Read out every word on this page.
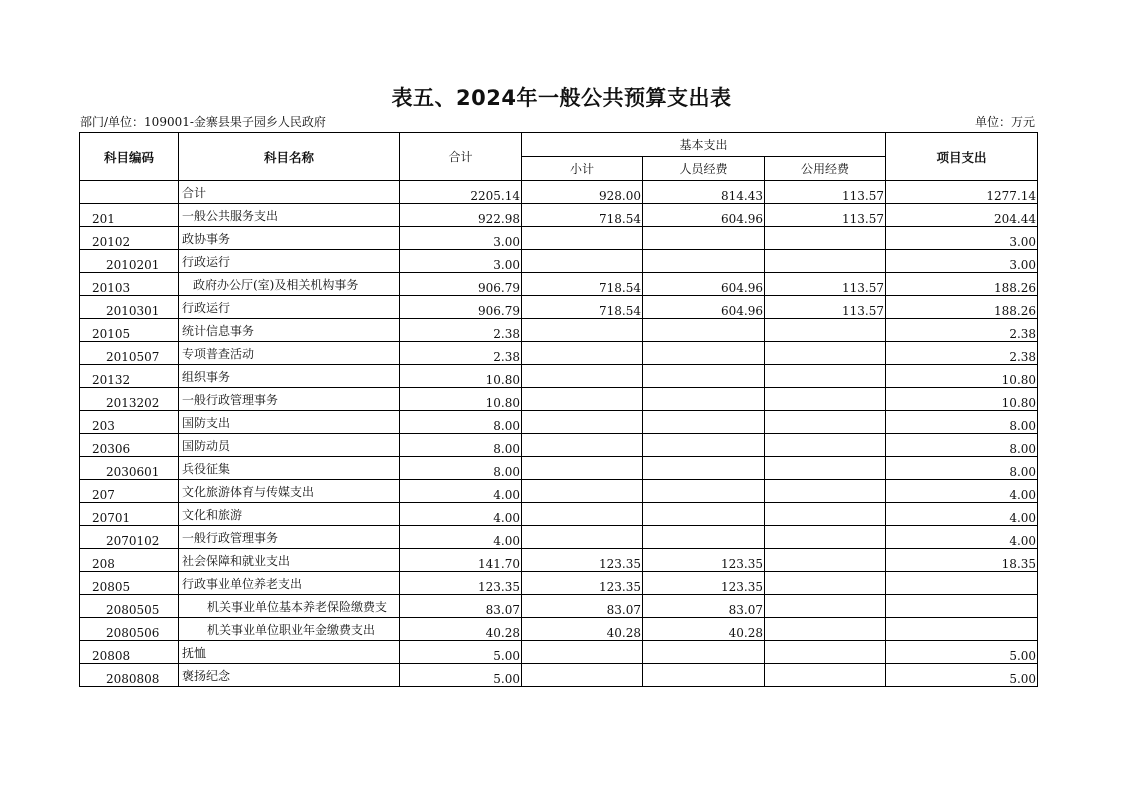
表五、2024年一般公共预算支出表
部门/单位：109001-金寨县果子园乡人民政府	单位：万元
科目编码	科目名称	合计	基本支出			项目支出
			小计	人员经费	公用经费	
	合计	2205.14	928.00	814.43	113.57	1277.14
201	一般公共服务支出	922.98	718.54	604.96	113.57	204.44
20102	政协事务	3.00				3.00
2010201	行政运行	3.00				3.00
20103	政府办公厅(室)及相关机构事务	906.79	718.54	604.96	113.57	188.26
2010301	行政运行	906.79	718.54	604.96	113.57	188.26
20105	统计信息事务	2.38				2.38
2010507	专项普查活动	2.38				2.38
20132	组织事务	10.80				10.80
2013202	一般行政管理事务	10.80				10.80
203	国防支出	8.00				8.00
20306	国防动员	8.00				8.00
2030601	兵役征集	8.00				8.00
207	文化旅游体育与传媒支出	4.00				4.00
20701	文化和旅游	4.00				4.00
2070102	一般行政管理事务	4.00				4.00
208	社会保障和就业支出	141.70	123.35	123.35		18.35
20805	行政事业单位养老支出	123.35	123.35	123.35		
2080505	机关事业单位基本养老保险缴费支	83.07	83.07	83.07		
2080506	机关事业单位职业年金缴费支出	40.28	40.28	40.28		
20808	抚恤	5.00				5.00
2080808	褒扬纪念	5.00				5.00
